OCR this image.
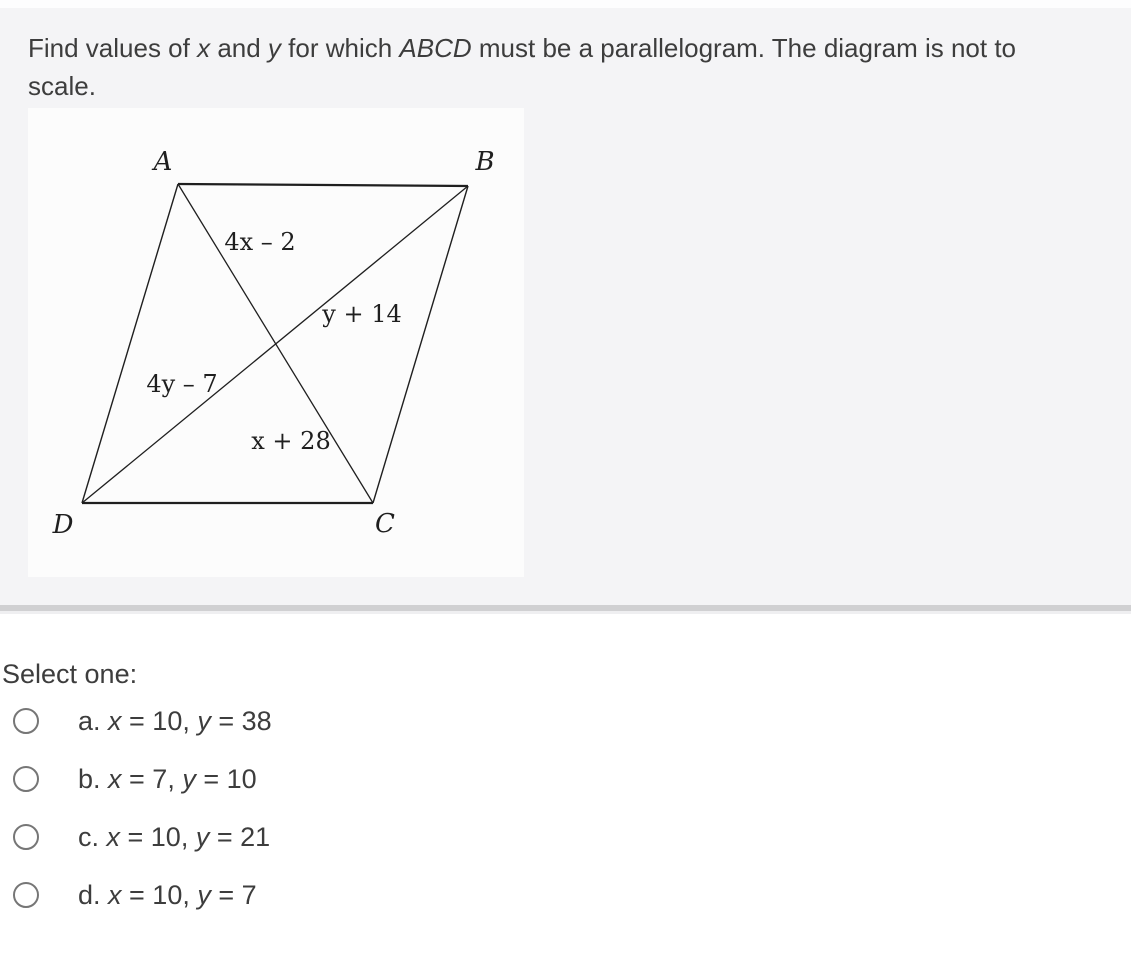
Find values of x and y for which ABCD must be a parallelogram. The diagram is not to
scale.
A	B
C
D
4x – 2
y + 14
4y – 7
x + 28
Select one:
a. x = 10, y = 38
b. x = 7, y = 10
c. x = 10, y = 21
d. x = 10, y = 7
